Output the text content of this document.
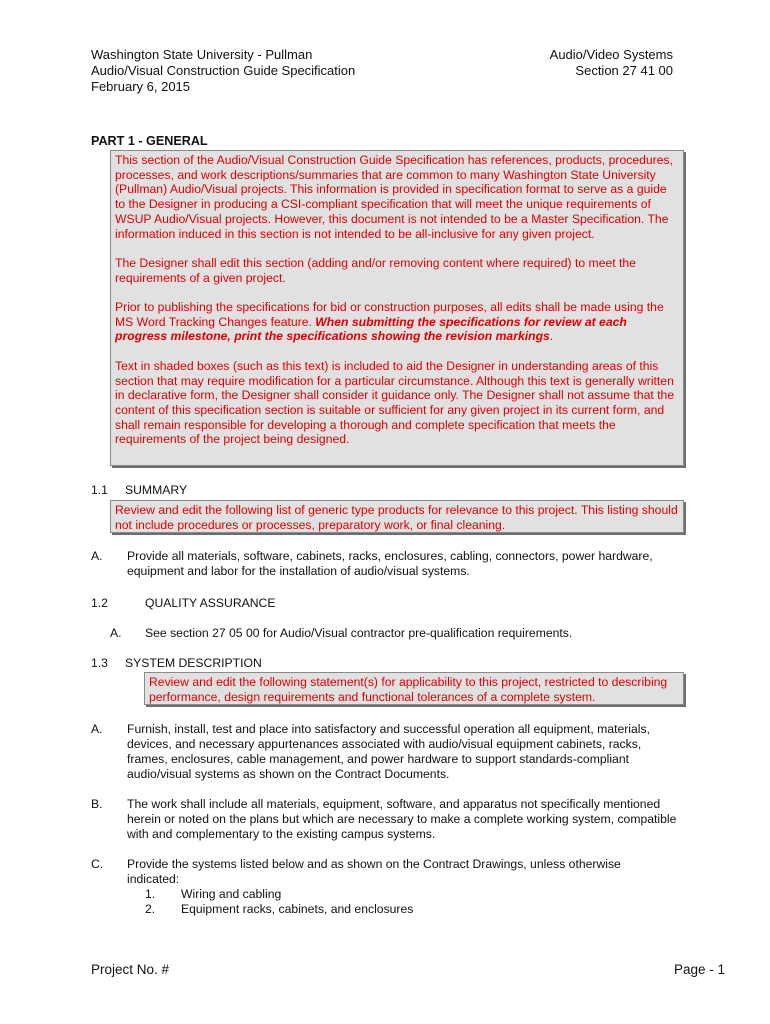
Washington State University - Pullman
Audio/Visual Construction Guide Specification
February 6, 2015
Audio/Video Systems
Section 27 41 00
PART 1 - GENERAL

This section of the Audio/Visual Construction Guide Specification has references, products, procedures, processes, and work descriptions/summaries that are common to many Washington State University (Pullman) Audio/Visual projects. This information is provided in specification format to serve as a guide to the Designer in producing a CSI-compliant specification that will meet the unique requirements of WSUP Audio/Visual projects. However, this document is not intended to be a Master Specification. The information induced in this section is not intended to be all-inclusive for any given project.

The Designer shall edit this section (adding and/or removing content where required) to meet the requirements of a given project.

Prior to publishing the specifications for bid or construction purposes, all edits shall be made using the MS Word Tracking Changes feature. When submitting the specifications for review at each progress milestone, print the specifications showing the revision markings.

Text in shaded boxes (such as this text) is included to aid the Designer in understanding areas of this section that may require modification for a particular circumstance. Although this text is generally written in declarative form, the Designer shall consider it guidance only. The Designer shall not assume that the content of this specification section is suitable or sufficient for any given project in its current form, and shall remain responsible for developing a thorough and complete specification that meets the requirements of the project being designed.

1.1 SUMMARY

Review and edit the following list of generic type products for relevance to this project. This listing should not include procedures or processes, preparatory work, or final cleaning.

A. Provide all materials, software, cabinets, racks, enclosures, cabling, connectors, power hardware, equipment and labor for the installation of audio/visual systems.
1.2	QUALITY ASSURANCE
A. See section 27 05 00 for Audio/Visual contractor pre-qualification requirements.
1.3 SYSTEM DESCRIPTION

Review and edit the following statement(s) for applicability to this project, restricted to describing performance, design requirements and functional tolerances of a complete system.

A. Furnish, install, test and place into satisfactory and successful operation all equipment, materials, devices, and necessary appurtenances associated with audio/visual equipment cabinets, racks, frames, enclosures, cable management, and power hardware to support standards-compliant audio/visual systems as shown on the Contract Documents.
B. The work shall include all materials, equipment, software, and apparatus not specifically mentioned herein or noted on the plans but which are necessary to make a complete working system, compatible with and complementary to the existing campus systems.
C. Provide the systems listed below and as shown on the Contract Drawings, unless otherwise indicated:
1. Wiring and cabling
2. Equipment racks, cabinets, and enclosures
Project No. #	Page - 1
